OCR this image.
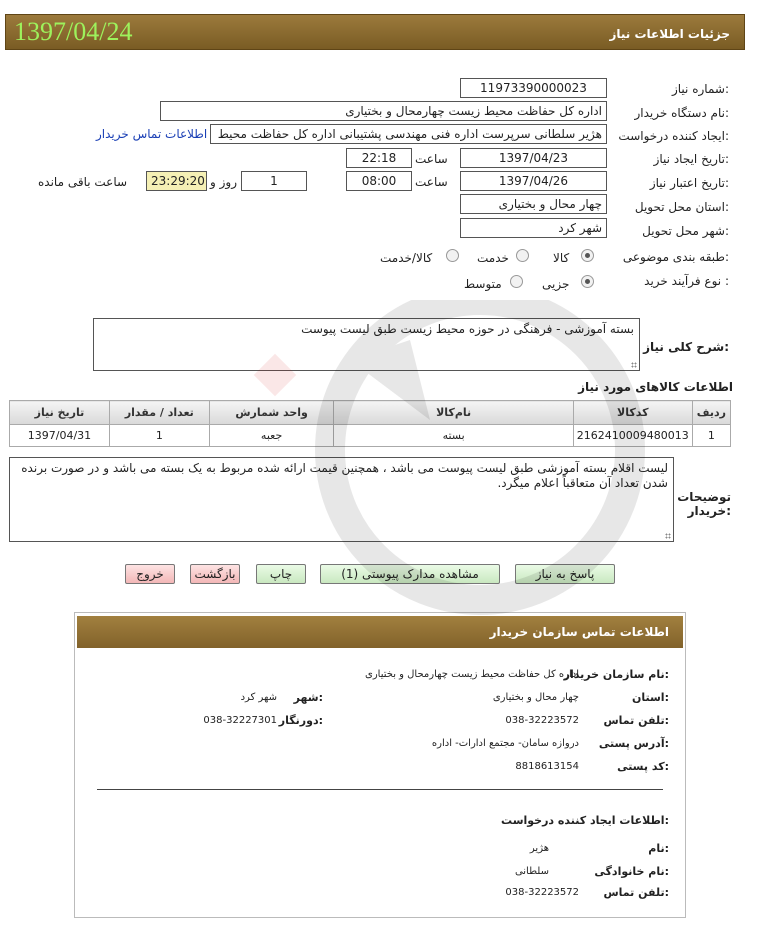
1397/04/24	جزئیات اطلاعات نیاز
شماره نیاز:
1197339000002‌3
نام دستگاه خریدار:
اداره کل حفاظت محیط زیست چهارمحال و بختیاری
ایجاد کننده درخواست:
هژیر سلطانی سرپرست اداره فنی مهندسی پشتیبانی اداره کل حفاظت محیط
اطلاعات تماس خریدار
تاریخ ایجاد نیاز:
1397/04/23
ساعت
22:18
تاریخ اعتبار نیاز:
1397/04/26
ساعت
08:00
1
روز و
23:29:20
ساعت باقی مانده
استان محل تحویل:
چهار محال و بختیاری
شهر محل تحویل:
شهر کرد
طبقه بندی موضوعی:
کالا
خدمت
کالا/خدمت
نوع فرآیند خرید :
جزیی
متوسط
شرح کلی نیاز:
بسته آموزشی - فرهنگی در حوزه محیط زیست طبق لیست پیوست
اطلاعات کالاهای مورد نیاز
ردیف	کدکالا	نام‌کالا	واحد شمارش	تعداد / مقدار	تاریخ نیاز
1	2162410009480013	بسته	جعبه	1	1397/04/31
توضیحات خریدار:
لیست اقلام بسته آموزشی طبق لیست پیوست می باشد ، همچنین قیمت ارائه شده مربوط به یک بسته می باشد و در صورت برنده شدن تعداد آن متعاقباً اعلام میگرد.
پاسخ به نیاز
مشاهده مدارک پیوستی (1)
چاپ
بازگشت
خروج
اطلاعات تماس سازمان خریدار
نام سازمان خریدار:
اداره کل حفاظت محیط زیست چهارمحال و بختیاری
استان:
چهار محال و بختیاری
شهر:
شهر کرد
تلفن تماس:
038-32223572
دورنگار:
038-32227301
آدرس پستی:
دروازه سامان- مجتمع ادارات- اداره
کد پستی:
8818613154
اطلاعات ایجاد کننده درخواست:
نام:
هژیر
نام خانوادگی:
سلطانی
تلفن تماس:
038-32223572
